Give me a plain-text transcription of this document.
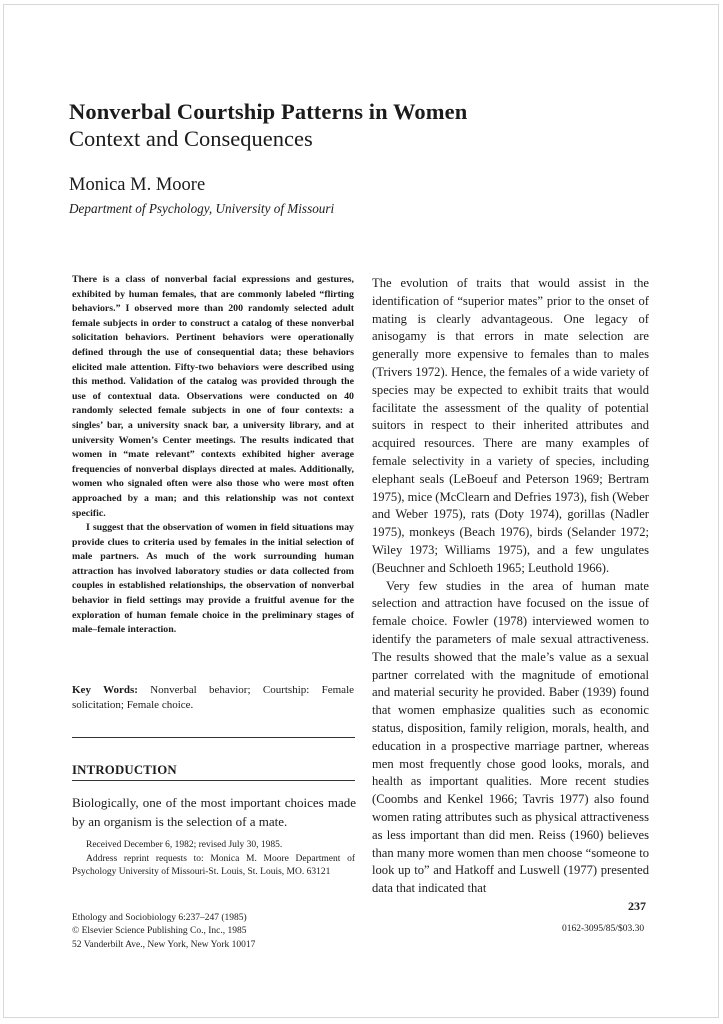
Nonverbal Courtship Patterns in Women
Context and Consequences
Monica M. Moore
Department of Psychology, University of Missouri

There is a class of nonverbal facial expressions and gestures, exhibited by human females, that are commonly labeled “flirting behaviors.” I observed more than 200 randomly selected adult female subjects in order to construct a catalog of these nonverbal solicitation behaviors. Pertinent behaviors were operationally defined through the use of consequential data; these behaviors elicited male attention. Fifty-two behaviors were described using this method. Validation of the catalog was provided through the use of contextual data. Observations were conducted on 40 randomly selected female subjects in one of four contexts: a singles’ bar, a university snack bar, a university library, and at university Women’s Center meetings. The results indicated that women in “mate relevant” contexts exhibited higher average frequencies of nonverbal displays directed at males. Additionally, women who signaled often were also those who were most often approached by a man; and this relationship was not context specific.

I suggest that the observation of women in field situations may provide clues to criteria used by females in the initial selection of male partners. As much of the work surrounding human attraction has involved laboratory studies or data collected from couples in established relationships, the observation of nonverbal behavior in field settings may provide a fruitful avenue for the exploration of human female choice in the preliminary stages of male–female interaction.

Key Words: Nonverbal behavior; Courtship: Female solicitation; Female choice.
INTRODUCTION
Biologically, one of the most important choices made by an organism is the selection of a mate.

Received December 6, 1982; revised July 30, 1985.

Address reprint requests to: Monica M. Moore Department of Psychology University of Missouri-St. Louis, St. Louis, MO. 63121

The evolution of traits that would assist in the identification of “superior mates” prior to the onset of mating is clearly advantageous. One legacy of anisogamy is that errors in mate selection are generally more expensive to females than to males (Trivers 1972). Hence, the females of a wide variety of species may be expected to exhibit traits that would facilitate the assessment of the quality of potential suitors in respect to their inherited attributes and acquired resources. There are many examples of female selectivity in a variety of species, including elephant seals (LeBoeuf and Peterson 1969; Bertram 1975), mice (McClearn and Defries 1973), fish (Weber and Weber 1975), rats (Doty 1974), gorillas (Nadler 1975), monkeys (Beach 1976), birds (Selander 1972; Wiley 1973; Williams 1975), and a few ungulates (Beuchner and Schloeth 1965; Leuthold 1966).

Very few studies in the area of human mate selection and attraction have focused on the issue of female choice. Fowler (1978) interviewed women to identify the parameters of male sexual attractiveness. The results showed that the male’s value as a sexual partner correlated with the magnitude of emotional and material security he provided. Baber (1939) found that women emphasize qualities such as economic status, disposition, family religion, morals, health, and education in a prospective marriage partner, whereas men most frequently chose good looks, morals, and health as important qualities. More recent studies (Coombs and Kenkel 1966; Tavris 1977) also found women rating attributes such as physical attractiveness as less important than did men. Reiss (1960) believes than many more women than men choose “someone to look up to” and Hatkoff and Luswell (1977) presented data that indicated that

237
Ethology and Sociobiology 6:237–247 (1985)
© Elsevier Science Publishing Co., Inc., 1985
52 Vanderbilt Ave., New York, New York 10017
0162-3095/85/$03.30
